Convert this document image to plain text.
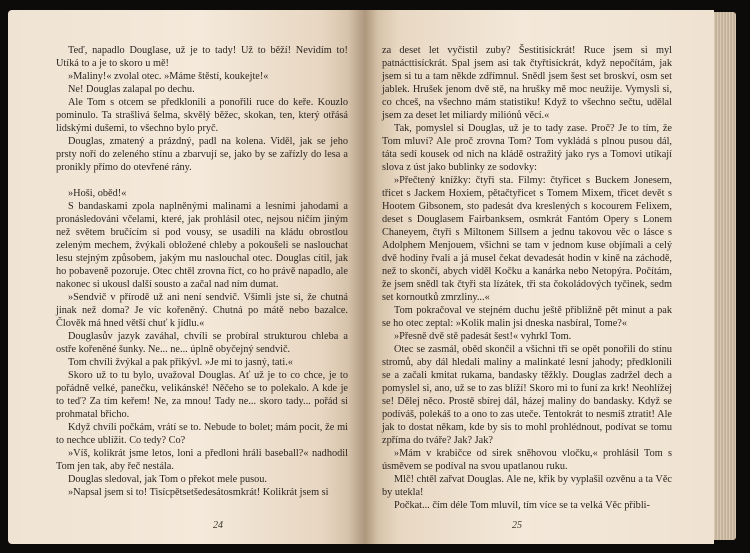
Teď, napadlo Douglase, už je to tady! Už to běží! Nevidím to! Utíká to a je to skoro u mě!

»Maliny!« zvolal otec. »Máme štěstí, koukejte!«

Ne! Douglas zalapal po dechu.

Ale Tom s otcem se předklonili a ponořili ruce do keře. Kouzlo pominulo. Ta strašlivá šelma, skvělý běžec, skokan, ten, který otřásá lidskými dušemi, to všechno bylo pryč.

Douglas, zmatený a prázdný, padl na kolena. Viděl, jak se jeho prsty noří do zeleného stínu a zbarvují se, jako by se zařízly do lesa a pronikly přímo do otevřené rány.

»Hoši, oběd!«

S bandaskami zpola naplněnými malinami a lesními jahodami a pronásledováni včelami, které, jak prohlásil otec, nejsou ničím jiným než světem bručícím si pod vousy, se usadili na kládu obrostlou zeleným mechem, žvýkali obložené chleby a pokoušeli se naslouchat lesu stejným způsobem, jakým mu naslouchal otec. Douglas cítil, jak ho pobaveně pozoruje. Otec chtěl zrovna říct, co ho právě napadlo, ale nakonec si ukousl další sousto a začal nad ním dumat.

»Sendvič v přírodě už ani není sendvič. Všimli jste si, že chutná jinak než doma? Je víc kořeněný. Chutná po mátě nebo bazalce. Člověk má hned větší chuť k jídlu.«

Douglasův jazyk zaváhal, chvíli se probíral strukturou chleba a ostře kořeněné šunky. Ne... ne... úplně obyčejný sendvič.

Tom chvíli žvýkal a pak přikývl. »Je mi to jasný, tati.«

Skoro už to tu bylo, uvažoval Douglas. Ať už je to co chce, je to pořádně velké, panečku, velikánské! Něčeho se to polekalo. A kde je to teď? Za tím keřem! Ne, za mnou! Tady ne... skoro tady... pořád si prohmatal břicho.

Když chvíli počkám, vrátí se to. Nebude to bolet; mám pocit, že mi to nechce ublížit. Co tedy? Co?

»Víš, kolikrát jsme letos, loni a předloni hráli baseball?« nadhodil Tom jen tak, aby řeč nestála.

Douglas sledoval, jak Tom o překot mele pusou.

»Napsal jsem si to! Tisícpětsetšedesátosmkrát! Kolikrát jsem si

24

za deset let vyčistil zuby? Šestitisíckrát! Ruce jsem si myl patnácttisíckrát. Spal jsem asi tak čtyřtisíckrát, když nepočítám, jak jsem si tu a tam někde zdřímnul. Snědl jsem šest set broskví, osm set jablek. Hrušek jenom dvě stě, na hrušky mě moc neužije. Vymysli si, co chceš, na všechno mám statistiku! Když to všechno sečtu, udělal jsem za deset let miliardy miliónů věcí.«

Tak, pomyslel si Douglas, už je to tady zase. Proč? Je to tím, že Tom mluví? Ale proč zrovna Tom? Tom vykládá s plnou pusou dál, táta sedí kousek od nich na kládě ostražitý jako rys a Tomovi utíkají slova z úst jako bublinky ze sodovky:

»Přečtený knížky: čtyři sta. Filmy: čtyřicet s Buckem Jonesem, třicet s Jackem Hoxiem, pětačtyřicet s Tomem Mixem, třicet devět s Hootem Gibsonem, sto padesát dva kreslených s kocourem Felixem, deset s Douglasem Fairbanksem, osmkrát Fantóm Opery s Lonem Chaneyem, čtyři s Miltonem Sillsem a jednu takovou věc o lásce s Adolphem Menjouem, všichni se tam v jednom kuse objímali a celý dvě hodiny řvali a já musel čekat devadesát hodin v kině na záchodě, než to skončí, abych viděl Kočku a kanárka nebo Netopýra. Počítám, že jsem snědl tak čtyři sta lízátek, tři sta čokoládových tyčinek, sedm set kornoutků zmrzliny...«

Tom pokračoval ve stejném duchu ještě přibližně pět minut a pak se ho otec zeptal: »Kolik malin jsi dneska nasbíral, Tome?«

»Přesně dvě stě padesát šest!« vyhrkl Tom.

Otec se zasmál, oběd skončil a všichni tři se opět ponořili do stínu stromů, aby dál hledali maliny a malinkaté lesní jahody; předklonili se a začali kmitat rukama, bandasky těžkly. Douglas zadržel dech a pomyslel si, ano, už se to zas blíží! Skoro mi to funí za krk! Neohlížej se! Dělej něco. Prostě sbírej dál, házej maliny do bandasky. Když se podíváš, polekáš to a ono to zas uteče. Tentokrát to nesmíš ztratit! Ale jak to dostat někam, kde by sis to mohl prohlédnout, podívat se tomu zpříma do tváře? Jak? Jak?

»Mám v krabičce od sirek sněhovou vločku,« prohlásil Tom s úsměvem se podíval na svou upatlanou ruku.

Mlč! chtěl zařvat Douglas. Ale ne, křik by vyplašil ozvěnu a ta Věc by utekla!

Počkat... čím déle Tom mluvil, tím více se ta velká Věc přibli-

25
